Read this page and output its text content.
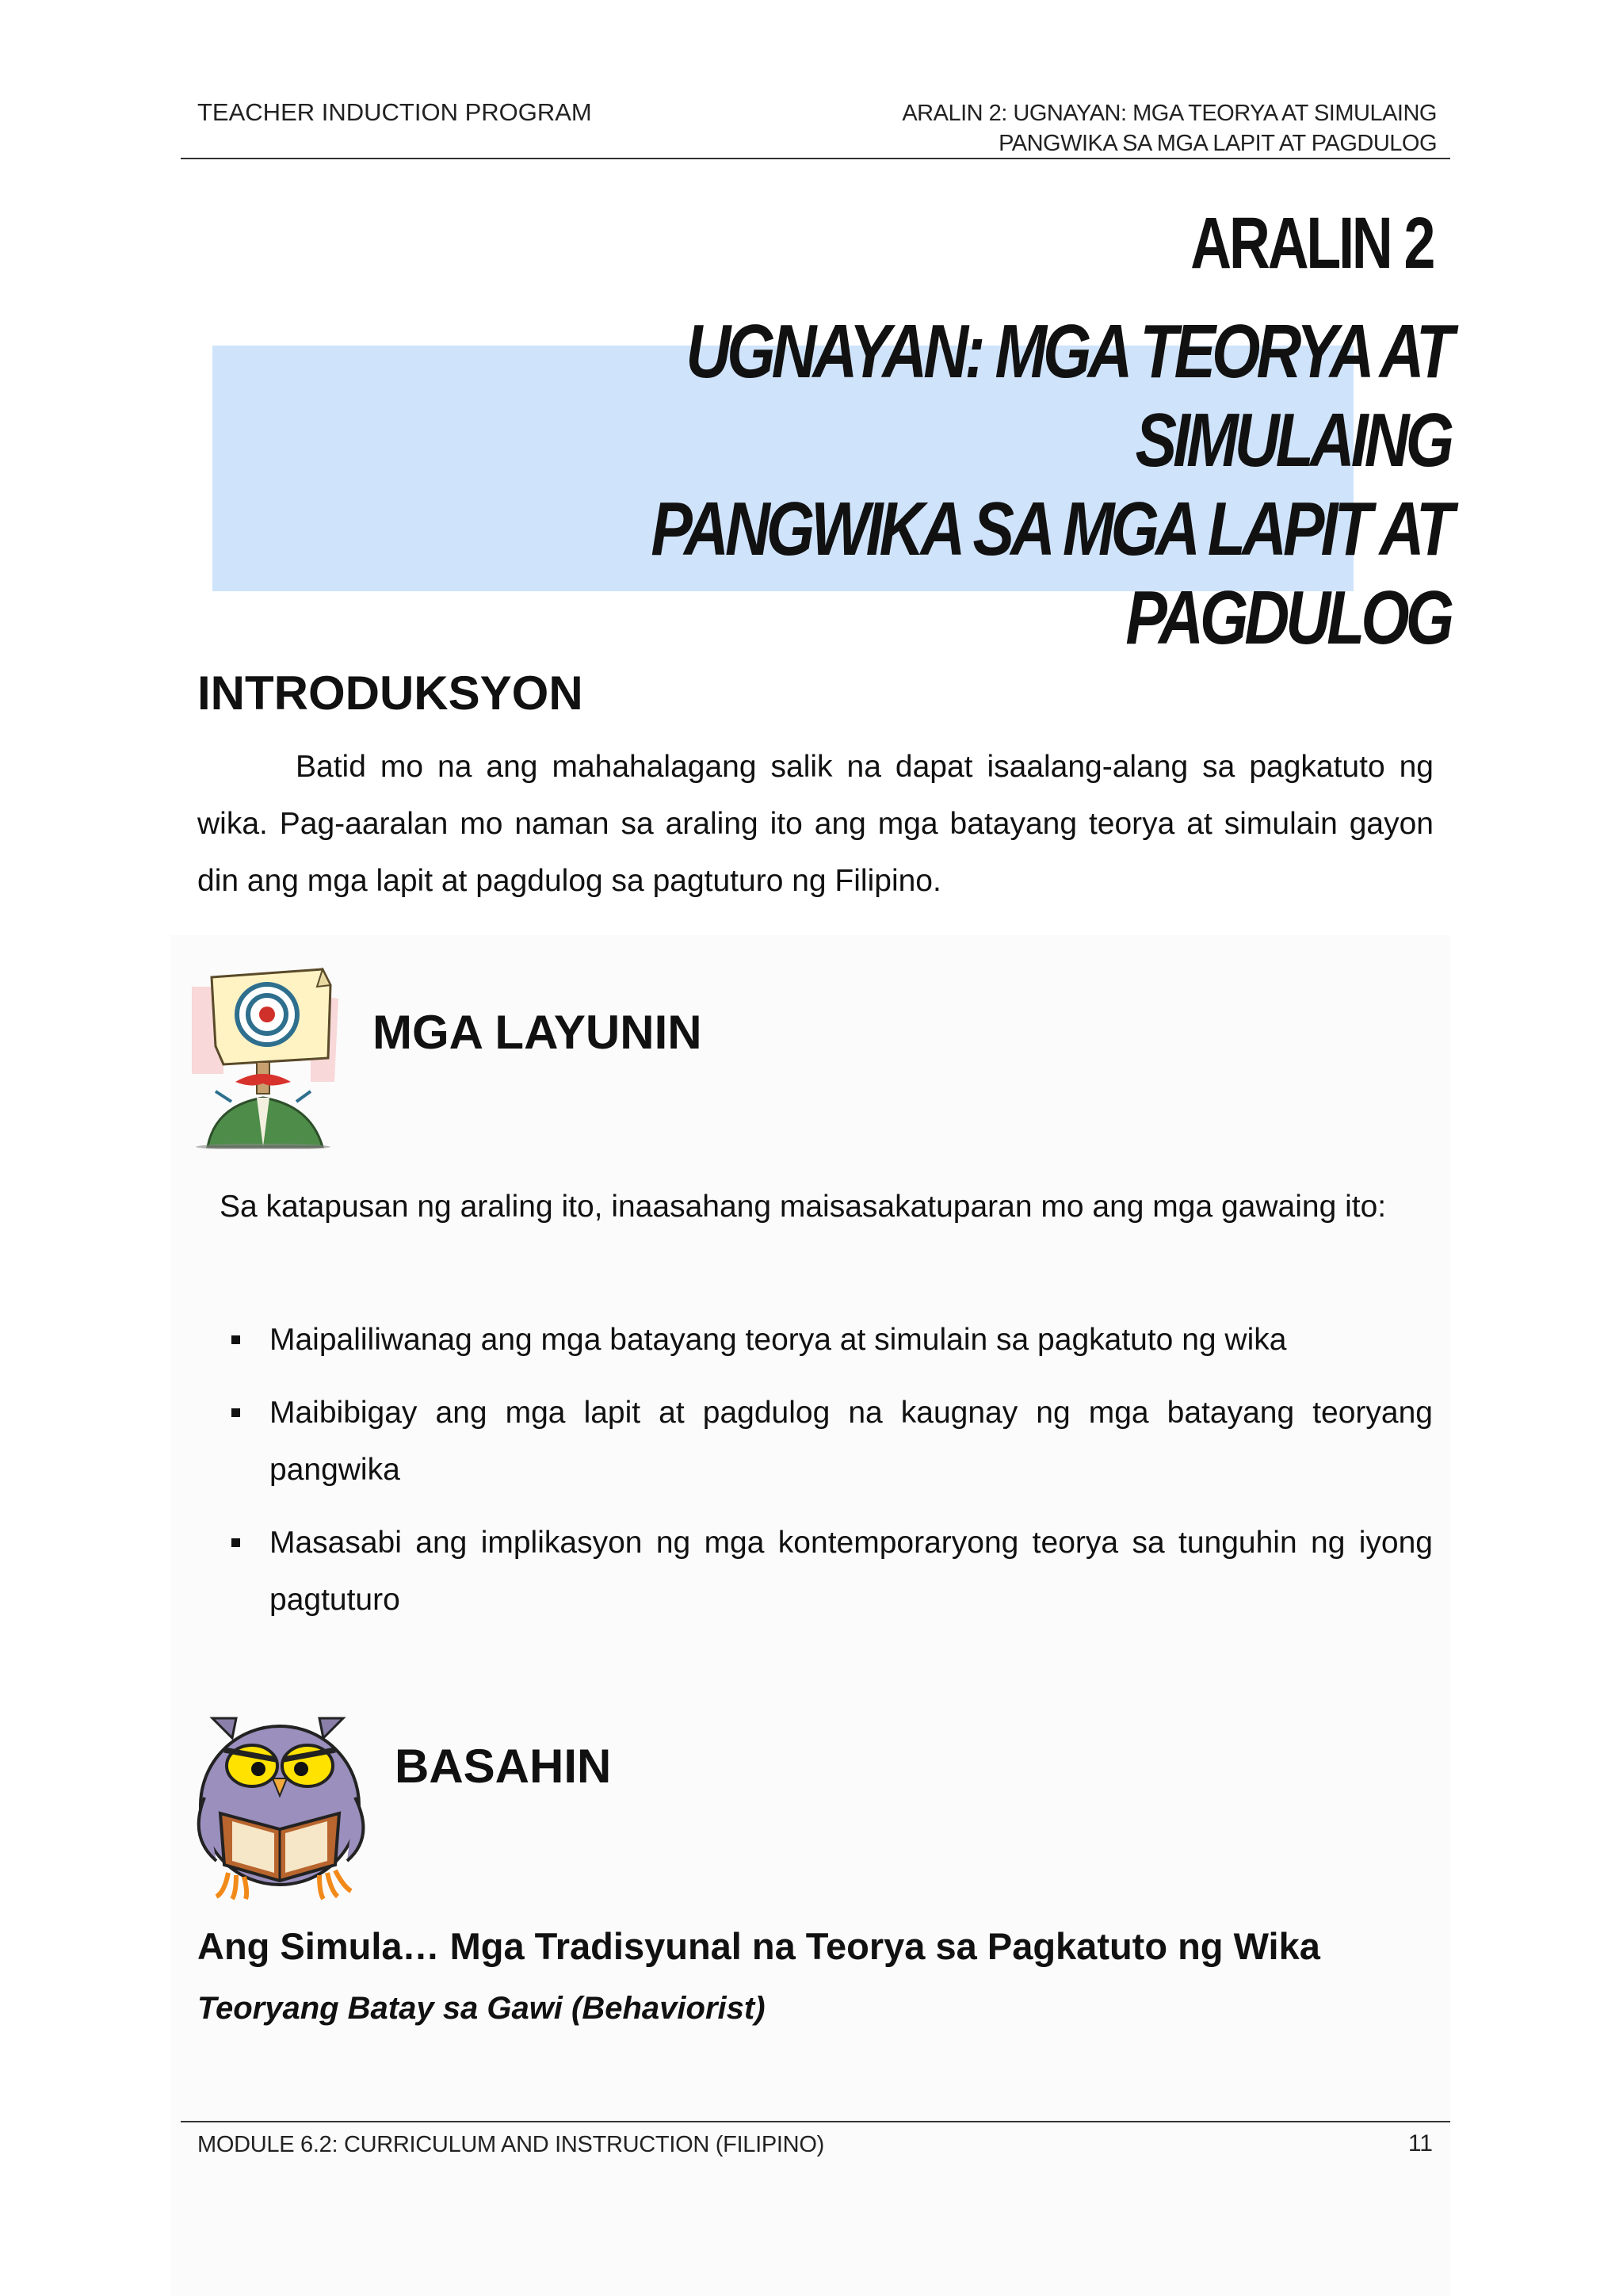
TEACHER INDUCTION PROGRAM	ARALIN 2: UGNAYAN: MGA TEORYA AT SIMULAING
PANGWIKA SA MGA LAPIT AT PAGDULOG
ARALIN 2
UGNAYAN: MGA TEORYA AT SIMULAING
PANGWIKA SA MGA LAPIT AT PAGDULOG
INTRODUKSYON
Batid mo na ang mahahalagang salik na dapat isaalang-alang sa pagkatuto ng wika. Pag-aaralan mo naman sa araling ito ang mga batayang teorya at simulain gayon din ang mga lapit at pagdulog sa pagtuturo ng Filipino.
MGA LAYUNIN
Sa katapusan ng araling ito, inaasahang maisasakatuparan mo ang mga gawaing ito:
Maipaliliwanag ang mga batayang teorya at simulain sa pagkatuto ng wika
Maibibigay ang mga lapit at pagdulog na kaugnay ng mga batayang teoryang pangwika
Masasabi ang implikasyon ng mga kontemporaryong teorya sa tunguhin ng iyong pagtuturo
BASAHIN
Ang Simula… Mga Tradisyunal na Teorya sa Pagkatuto ng Wika
Teoryang Batay sa Gawi (Behaviorist)
MODULE 6.2: CURRICULUM AND INSTRUCTION (FILIPINO)	11
